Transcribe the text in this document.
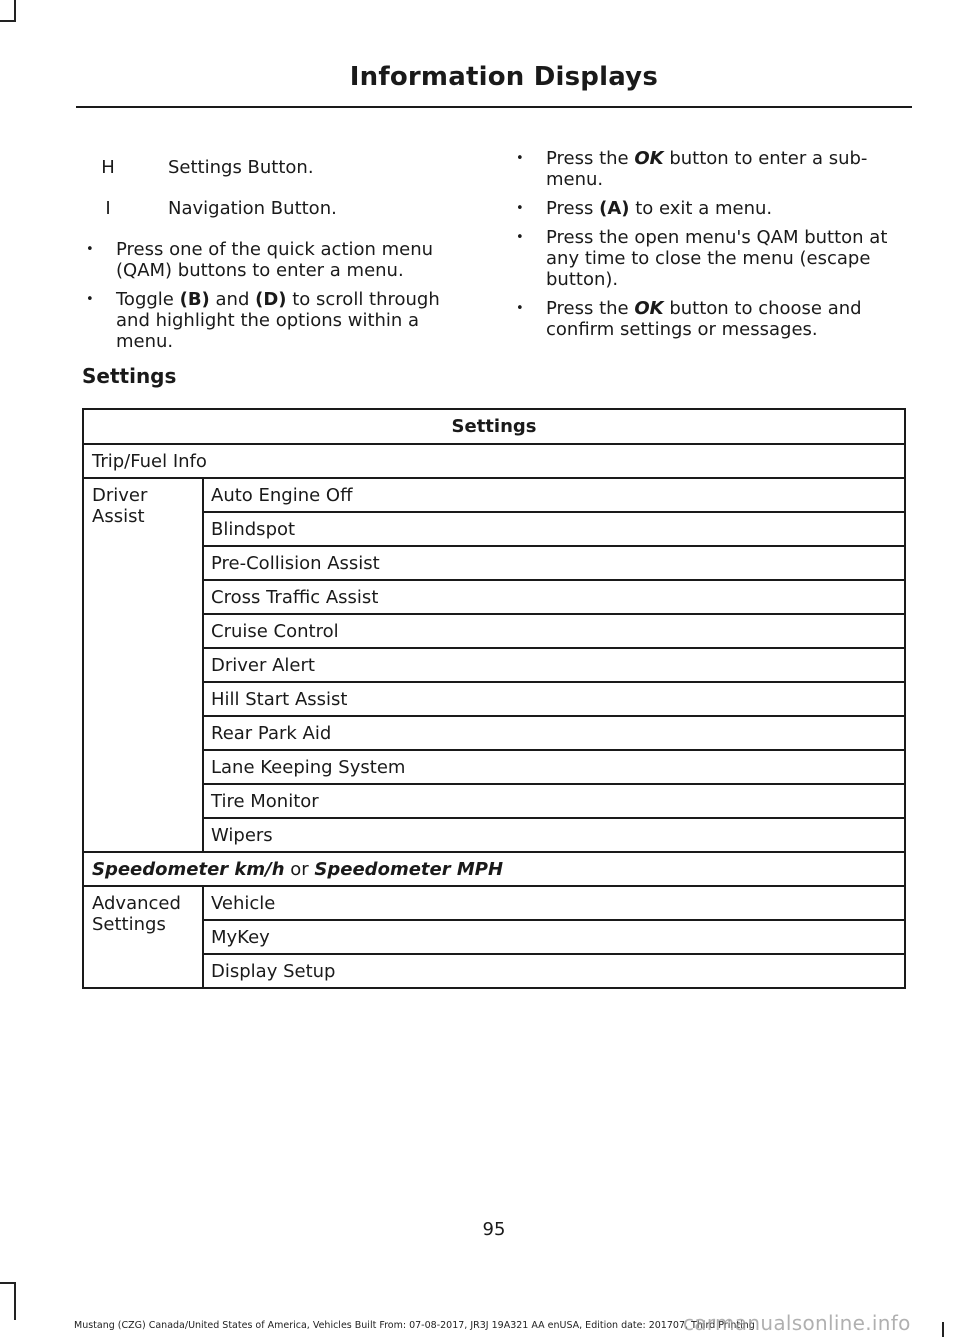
Information Displays
H	Settings Button.
I	Navigation Button.
• Press one of the quick action menu (QAM) buttons to enter a menu.
• Toggle (B) and (D) to scroll through and highlight the options within a menu.
• Press the OK button to enter a sub-menu.
• Press (A) to exit a menu.
• Press the open menu's QAM button at any time to close the menu (escape button).
• Press the OK button to choose and confirm settings or messages.
Settings
Settings	
Trip/Fuel Info	
Driver Assist	Auto Engine Off
	Blindspot
	Pre-Collision Assist
	Cross Traffic Assist
	Cruise Control
	Driver Alert
	Hill Start Assist
	Rear Park Aid
	Lane Keeping System
	Tire Monitor
	Wipers
Speedometer km/h or Speedometer MPH	
Advanced Settings	Vehicle
	MyKey
	Display Setup
95
Mustang (CZG) Canada/United States of America, Vehicles Built From: 07-08-2017, JR3J 19A321 AA enUSA, Edition date: 201707, Third Printing
carmanualsonline.info
